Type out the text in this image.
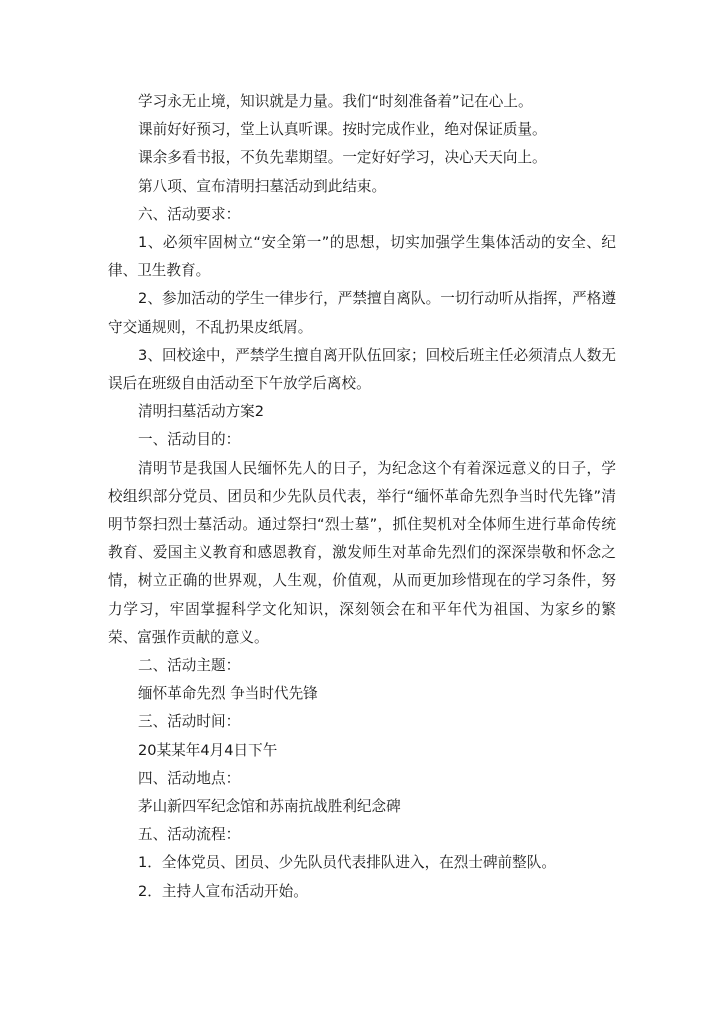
学习永无止境，知识就是力量。我们“时刻准备着”记在心上。

课前好好预习，堂上认真听课。按时完成作业，绝对保证质量。

课余多看书报，不负先辈期望。一定好好学习，决心天天向上。

第八项、宣布清明扫墓活动到此结束。

六、活动要求：

1、必须牢固树立“安全第一”的思想，切实加强学生集体活动的安全、纪律、卫生教育。

2、参加活动的学生一律步行，严禁擅自离队。一切行动听从指挥，严格遵守交通规则，不乱扔果皮纸屑。

3、回校途中，严禁学生擅自离开队伍回家；回校后班主任必须清点人数无误后在班级自由活动至下午放学后离校。

清明扫墓活动方案2

一、活动目的：

清明节是我国人民缅怀先人的日子，为纪念这个有着深远意义的日子，学校组织部分党员、团员和少先队员代表，举行“缅怀革命先烈争当时代先锋”清明节祭扫烈士墓活动。通过祭扫“烈士墓”，抓住契机对全体师生进行革命传统教育、爱国主义教育和感恩教育，激发师生对革命先烈们的深深崇敬和怀念之情，树立正确的世界观，人生观，价值观，从而更加珍惜现在的学习条件，努力学习，牢固掌握科学文化知识，深刻领会在和平年代为祖国、为家乡的繁荣、富强作贡献的意义。

二、活动主题：

缅怀革命先烈 争当时代先锋

三、活动时间：

20某某年4月4日下午

四、活动地点：

茅山新四军纪念馆和苏南抗战胜利纪念碑

五、活动流程：

1．全体党员、团员、少先队员代表排队进入，在烈士碑前整队。

2．主持人宣布活动开始。
